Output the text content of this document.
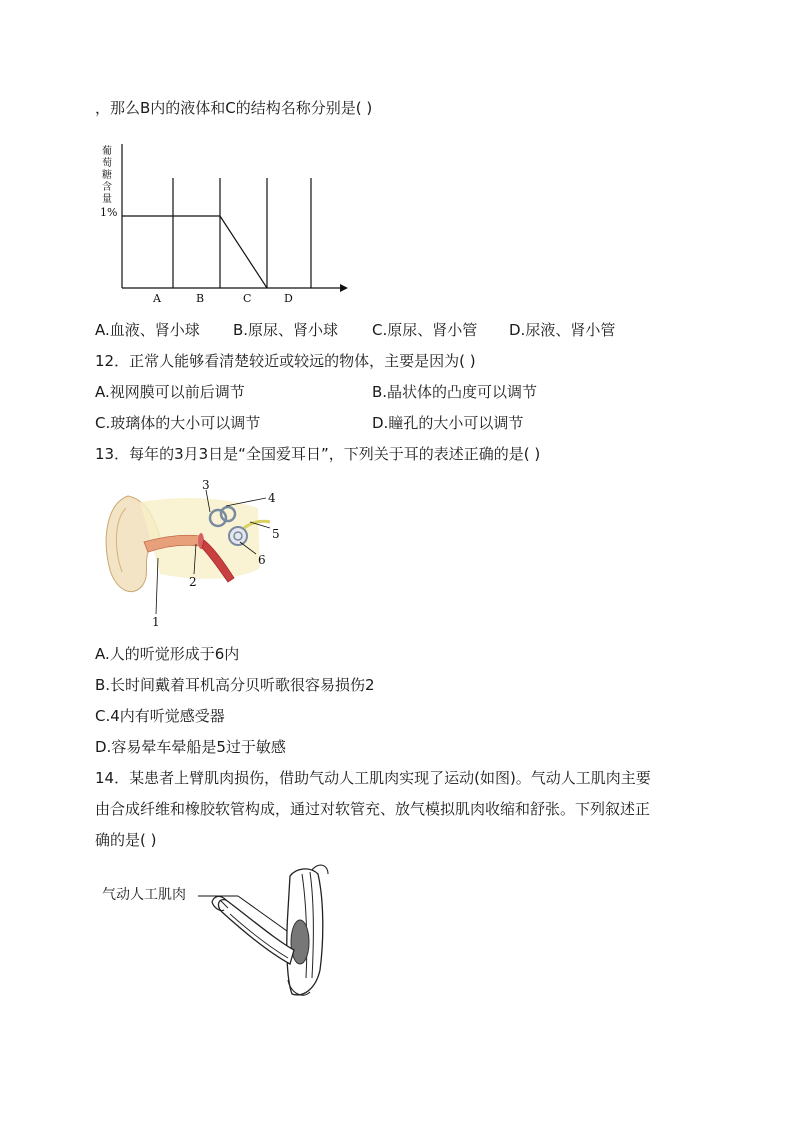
，那么B内的液体和C的结构名称分别是( )
葡
萄
糖
含
量
1%
A	B	C	D
A.血液、肾小球 B.原尿、肾小球 C.原尿、肾小管 D.尿液、肾小管
12．正常人能够看清楚较近或较远的物体，主要是因为( )
A.视网膜可以前后调节	B.晶状体的凸度可以调节
C.玻璃体的大小可以调节	D.瞳孔的大小可以调节
13．每年的3月3日是“全国爱耳日”，下列关于耳的表述正确的是( )
1
2
3
4
5
6
A.人的听觉形成于6内
B.长时间戴着耳机高分贝听歌很容易损伤2
C.4内有听觉感受器
D.容易晕车晕船是5过于敏感
14．某患者上臂肌肉损伤，借助气动人工肌肉实现了运动(如图)。气动人工肌肉主要
由合成纤维和橡胶软管构成，通过对软管充、放气模拟肌肉收缩和舒张。下列叙述正
确的是( )
气动人工肌肉
